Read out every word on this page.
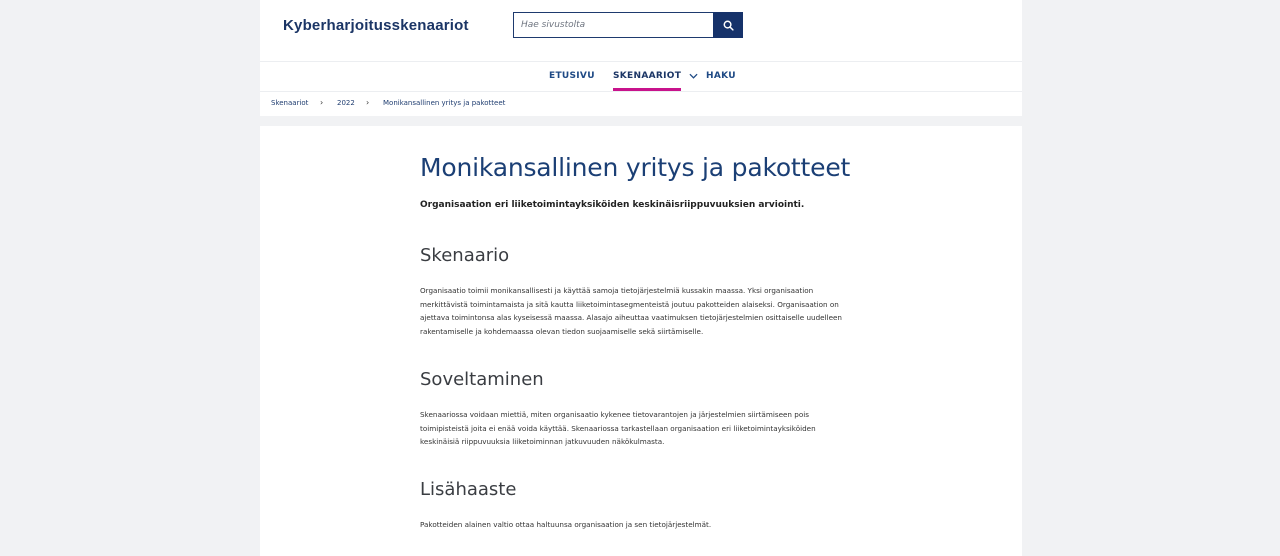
Kyberharjoitusskenaariot
Hae sivustolta
ETUSIVU SKENAARIOT	HAKU
Skenaariot › 2022 › Monikansallinen yritys ja pakotteet
Monikansallinen yritys ja pakotteet
Organisaation eri liiketoimintayksiköiden keskinäisriippuvuuksien arviointi.
Skenaario

Organisaatio toimii monikansallisesti ja käyttää samoja tietojärjestelmiä kussakin maassa. Yksi organisaation
merkittävistä toimintamaista ja sitä kautta liiketoimintasegmenteistä joutuu pakotteiden alaiseksi. Organisaation on
ajettava toimintonsa alas kyseisessä maassa. Alasajo aiheuttaa vaatimuksen tietojärjestelmien osittaiselle uudelleen
rakentamiselle ja kohdemaassa olevan tiedon suojaamiselle sekä siirtämiselle.

Soveltaminen

Skenaariossa voidaan miettiä, miten organisaatio kykenee tietovarantojen ja järjestelmien siirtämiseen pois
toimipisteistä joita ei enää voida käyttää. Skenaariossa tarkastellaan organisaation eri liiketoimintayksiköiden
keskinäisiä riippuvuuksia liiketoiminnan jatkuvuuden näkökulmasta.

Lisähaaste

Pakotteiden alainen valtio ottaa haltuunsa organisaation ja sen tietojärjestelmät.
